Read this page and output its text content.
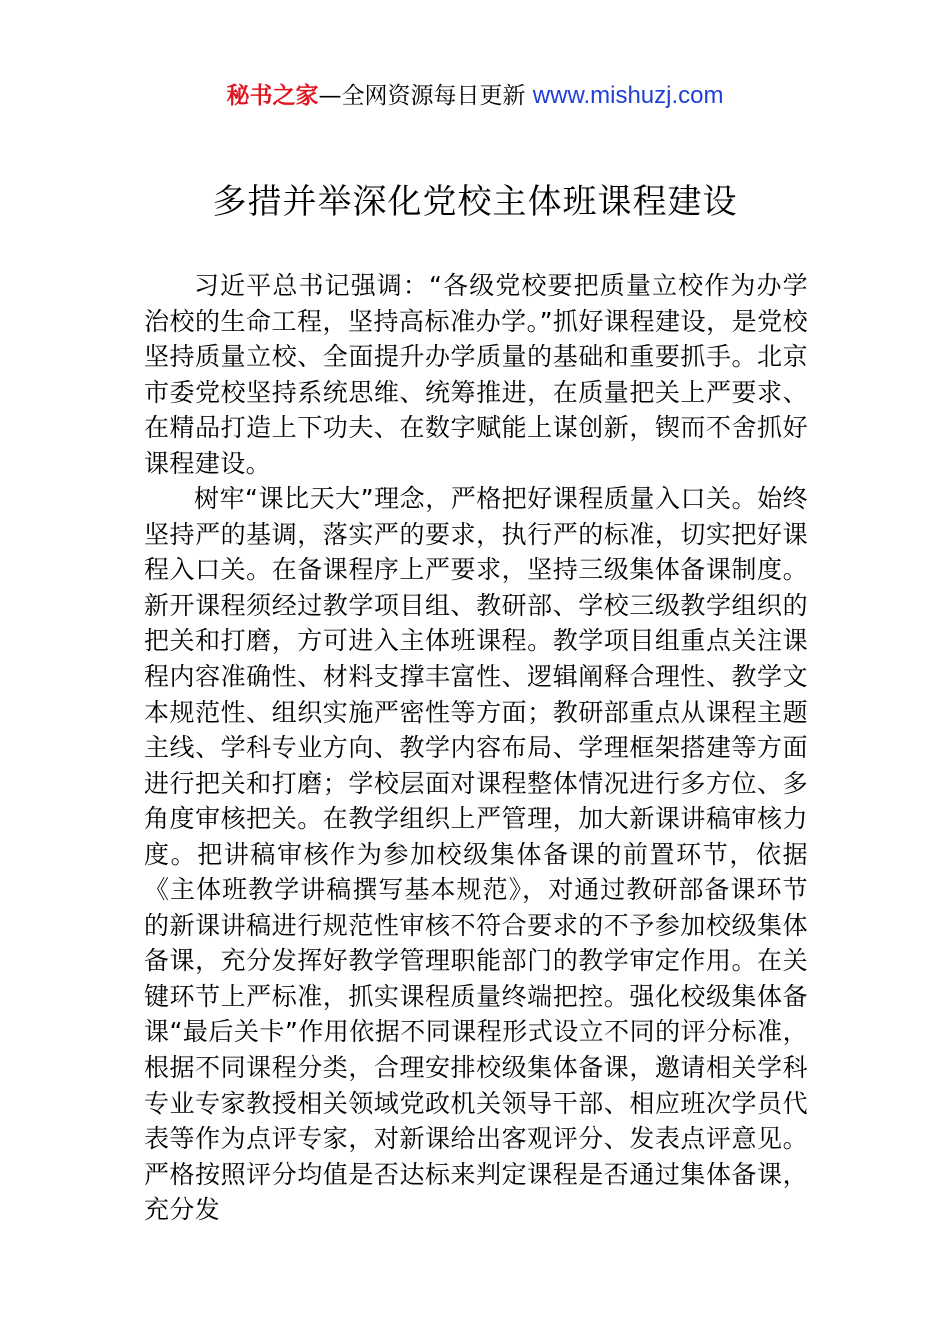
秘书之家—全网资源每日更新 www.mishuzj.com
多措并举深化党校主体班课程建设

习近平总书记强调：“各级党校要把质量立校作为办学治校的生命工程，坚持高标准办学。”抓好课程建设，是党校坚持质量立校、全面提升办学质量的基础和重要抓手。北京市委党校坚持系统思维、统筹推进，在质量把关上严要求、在精品打造上下功夫、在数字赋能上谋创新，锲而不舍抓好课程建设。

树牢“课比天大”理念，严格把好课程质量入口关。始终坚持严的基调，落实严的要求，执行严的标准，切实把好课程入口关。在备课程序上严要求，坚持三级集体备课制度。新开课程须经过教学项目组、教研部、学校三级教学组织的把关和打磨，方可进入主体班课程。教学项目组重点关注课程内容准确性、材料支撑丰富性、逻辑阐释合理性、教学文本规范性、组织实施严密性等方面；教研部重点从课程主题主线、学科专业方向、教学内容布局、学理框架搭建等方面进行把关和打磨；学校层面对课程整体情况进行多方位、多角度审核把关。在教学组织上严管理，加大新课讲稿审核力度。把讲稿审核作为参加校级集体备课的前置环节，依据《主体班教学讲稿撰写基本规范》，对通过教研部备课环节的新课讲稿进行规范性审核不符合要求的不予参加校级集体备课，充分发挥好教学管理职能部门的教学审定作用。在关键环节上严标准，抓实课程质量终端把控。强化校级集体备课“最后关卡”作用依据不同课程形式设立不同的评分标准，根据不同课程分类，合理安排校级集体备课，邀请相关学科专业专家教授相关领域党政机关领导干部、相应班次学员代表等作为点评专家，对新课给出客观评分、发表点评意见。严格按照评分均值是否达标来判定课程是否通过集体备课，充分发
